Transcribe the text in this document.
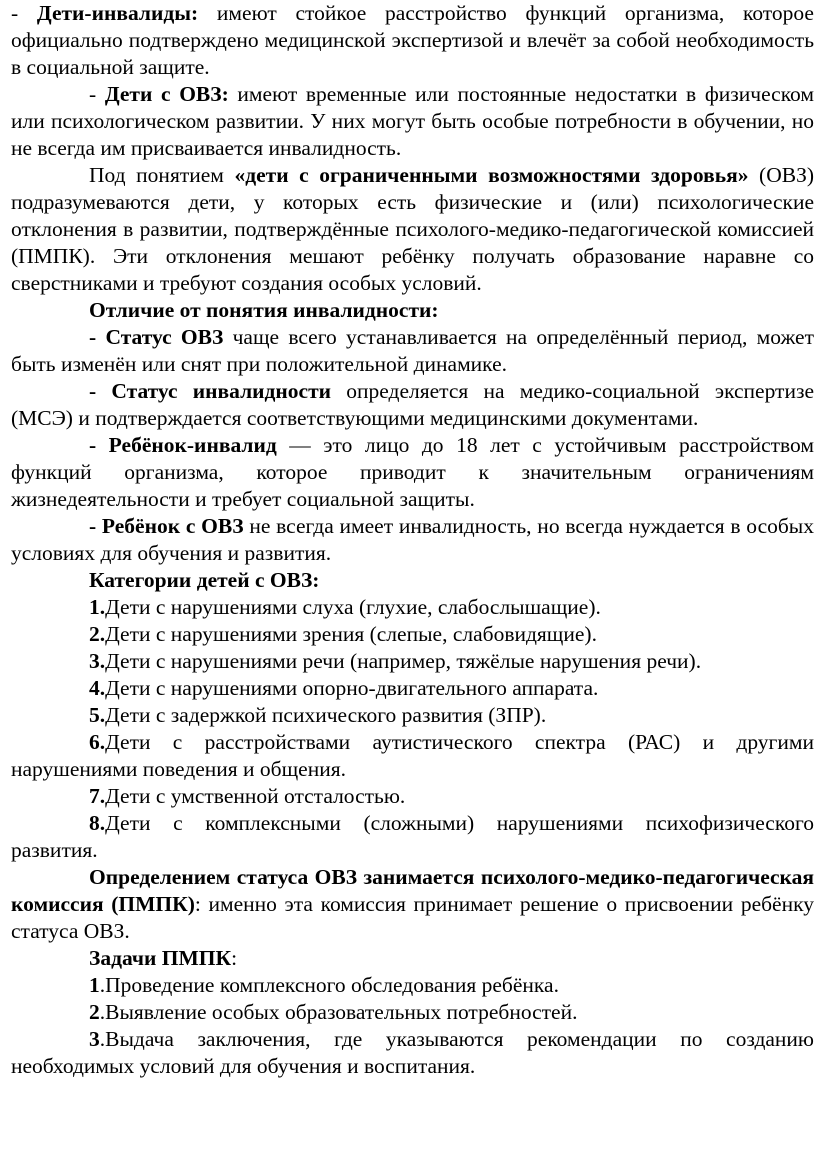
- Дети-инвалиды: имеют стойкое расстройство функций организма, которое официально подтверждено медицинской экспертизой и влечёт за собой необходимость в социальной защите.

- Дети с ОВЗ: имеют временные или постоянные недостатки в физическом или психологическом развитии. У них могут быть особые потребности в обучении, но не всегда им присваивается инвалидность.

Под понятием «дети с ограниченными возможностями здоровья» (ОВЗ) подразумеваются дети, у которых есть физические и (или) психологические отклонения в развитии, подтверждённые психолого-медико-педагогической комиссией (ПМПК). Эти отклонения мешают ребёнку получать образование наравне со сверстниками и требуют создания особых условий.

Отличие от понятия инвалидности:

- Статус ОВЗ чаще всего устанавливается на определённый период, может быть изменён или снят при положительной динамике.

- Статус инвалидности определяется на медико-социальной экспертизе (МСЭ) и подтверждается соответствующими медицинскими документами.

- Ребёнок-инвалид — это лицо до 18 лет с устойчивым расстройством функций организма, которое приводит к значительным ограничениям жизнедеятельности и требует социальной защиты.

- Ребёнок с ОВЗ не всегда имеет инвалидность, но всегда нуждается в особых условиях для обучения и развития.

Категории детей с ОВЗ:

1.Дети с нарушениями слуха (глухие, слабослышащие).

2.Дети с нарушениями зрения (слепые, слабовидящие).

3.Дети с нарушениями речи (например, тяжёлые нарушения речи).

4.Дети с нарушениями опорно-двигательного аппарата.

5.Дети с задержкой психического развития (ЗПР).

6.Дети с расстройствами аутистического спектра (РАС) и другими нарушениями поведения и общения.

7.Дети с умственной отсталостью.

8.Дети с комплексными (сложными) нарушениями психофизического развития.

Определением статуса ОВЗ занимается психолого-медико-педагогическая комиссия (ПМПК): именно эта комиссия принимает решение о присвоении ребёнку статуса ОВЗ.

Задачи ПМПК:

1.Проведение комплексного обследования ребёнка.

2.Выявление особых образовательных потребностей.

3.Выдача заключения, где указываются рекомендации по созданию необходимых условий для обучения и воспитания.
